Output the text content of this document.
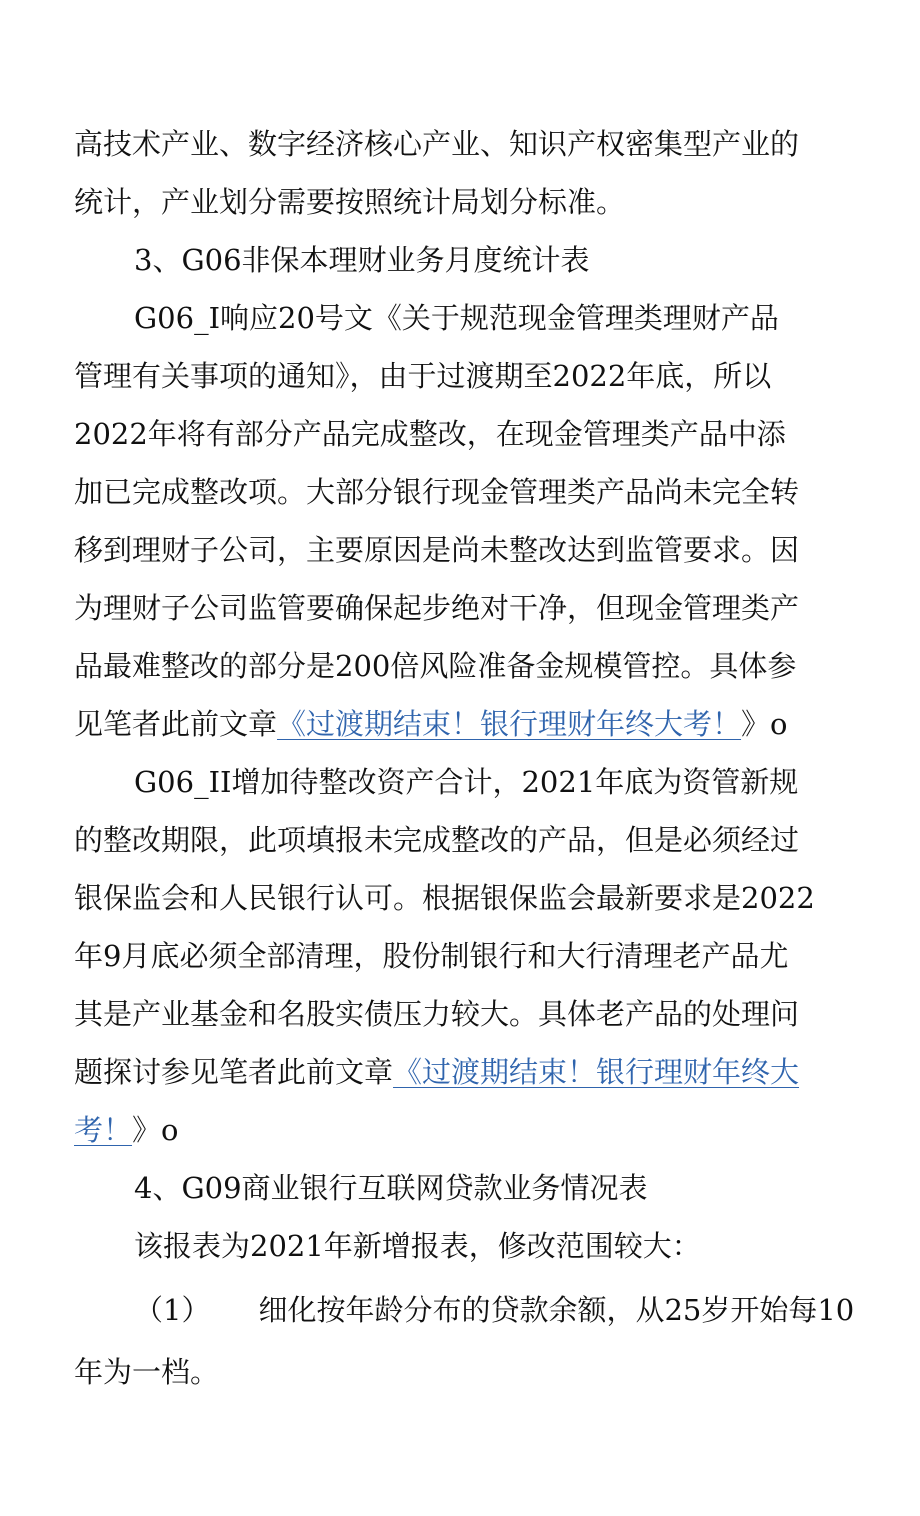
高技术产业、数字经济核心产业、知识产权密集型产业的
统计，产业划分需要按照统计局划分标准。
3、G06非保本理财业务月度统计表
G06_I响应20号文《关于规范现金管理类理财产品
管理有关事项的通知》，由于过渡期至2022年底，所以
2022年将有部分产品完成整改，在现金管理类产品中添
加已完成整改项。大部分银行现金管理类产品尚未完全转
移到理财子公司，主要原因是尚未整改达到监管要求。因
为理财子公司监管要确保起步绝对干净，但现金管理类产
品最难整改的部分是200倍风险准备金规模管控。具体参
见笔者此前文章《过渡期结束！银行理财年终大考！》o
G06_II增加待整改资产合计，2021年底为资管新规
的整改期限，此项填报未完成整改的产品，但是必须经过
银保监会和人民银行认可。根据银保监会最新要求是2022
年9月底必须全部清理，股份制银行和大行清理老产品尤
其是产业基金和名股实债压力较大。具体老产品的处理问
题探讨参见笔者此前文章《过渡期结束！银行理财年终大
考！》o
4、G09商业银行互联网贷款业务情况表
该报表为2021年新增报表，修改范围较大：
（1） 细化按年龄分布的贷款余额，从25岁开始每10
年为一档。
